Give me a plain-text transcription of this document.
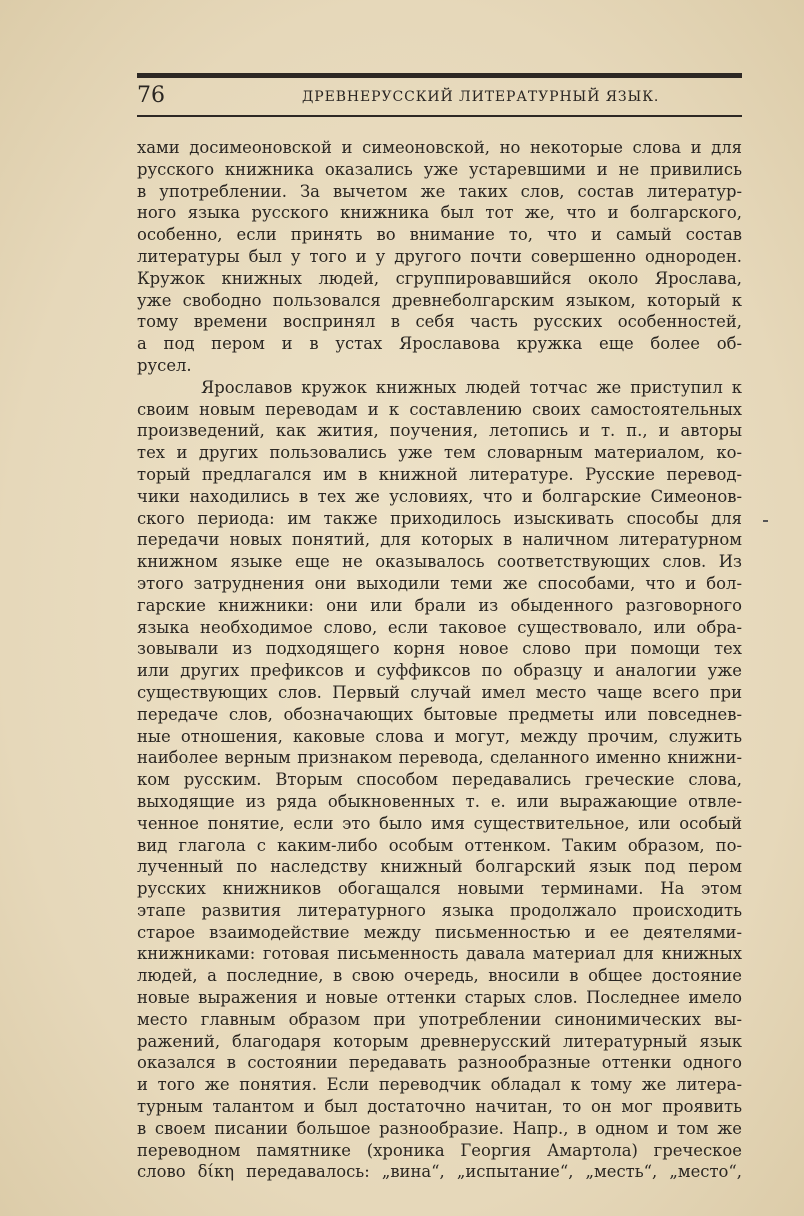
76	ДРЕВНЕРУССКИЙ ЛИТЕРАТУРНЫЙ ЯЗЫК.
хами досимеоновской и симеоновской, но некоторые слова и для
русского книжника оказались уже устаревшими и не привились
в употреблении. За вычетом же таких слов, состав литератур-
ного языка русского книжника был тот же, что и болгарского,
особенно, если принять во внимание то, что и самый состав
литературы был у того и у другого почти совершенно однороден.
Кружок книжных людей, сгруппировавшийся около Ярослава,
уже свободно пользовался древнеболгарским языком, который к
тому времени воспринял в себя часть русских особенностей,
а под пером и в устах Ярославова кружка еще более об-
русел.
Ярославов кружок книжных людей тотчас же приступил к
своим новым переводам и к составлению своих самостоятельных
произведений, как жития, поучения, летопись и т. п., и авторы
тех и других пользовались уже тем словарным материалом, ко-
торый предлагался им в книжной литературе. Русские перевод-
чики находились в тех же условиях, что и болгарские Симеонов-
ского периода: им также приходилось изыскивать способы для
передачи новых понятий, для которых в наличном литературном
книжном языке еще не оказывалось соответствующих слов. Из
этого затруднения они выходили теми же способами, что и бол-
гарские книжники: они или брали из обыденного разговорного
языка необходимое слово, если таковое существовало, или обра-
зовывали из подходящего корня новое слово при помощи тех
или других префиксов и суффиксов по образцу и аналогии уже
существующих слов. Первый случай имел место чаще всего при
передаче слов, обозначающих бытовые предметы или повседнев-
ные отношения, каковые слова и могут, между прочим, служить
наиболее верным признаком перевода, сделанного именно книжни-
ком русским. Вторым способом передавались греческие слова,
выходящие из ряда обыкновенных т. е. или выражающие отвле-
ченное понятие, если это было имя существительное, или особый
вид глагола с каким-либо особым оттенком. Таким образом, по-
лученный по наследству книжный болгарский язык под пером
русских книжников обогащался новыми терминами. На этом
этапе развития литературного языка продолжало происходить
старое взаимодействие между письменностью и ее деятелями-
книжниками: готовая письменность давала материал для книжных
людей, а последние, в свою очередь, вносили в общее достояние
новые выражения и новые оттенки старых слов. Последнее имело
место главным образом при употреблении синонимических вы-
ражений, благодаря которым древнерусский литературный язык
оказался в состоянии передавать разнообразные оттенки одного
и того же понятия. Если переводчик обладал к тому же литера-
турным талантом и был достаточно начитан, то он мог проявить
в своем писании большое разнообразие. Напр., в одном и том же
переводном памятнике (хроника Георгия Амартола) греческое
слово δίκη передавалось: „вина“, „испытание“, „месть“, „место“,
